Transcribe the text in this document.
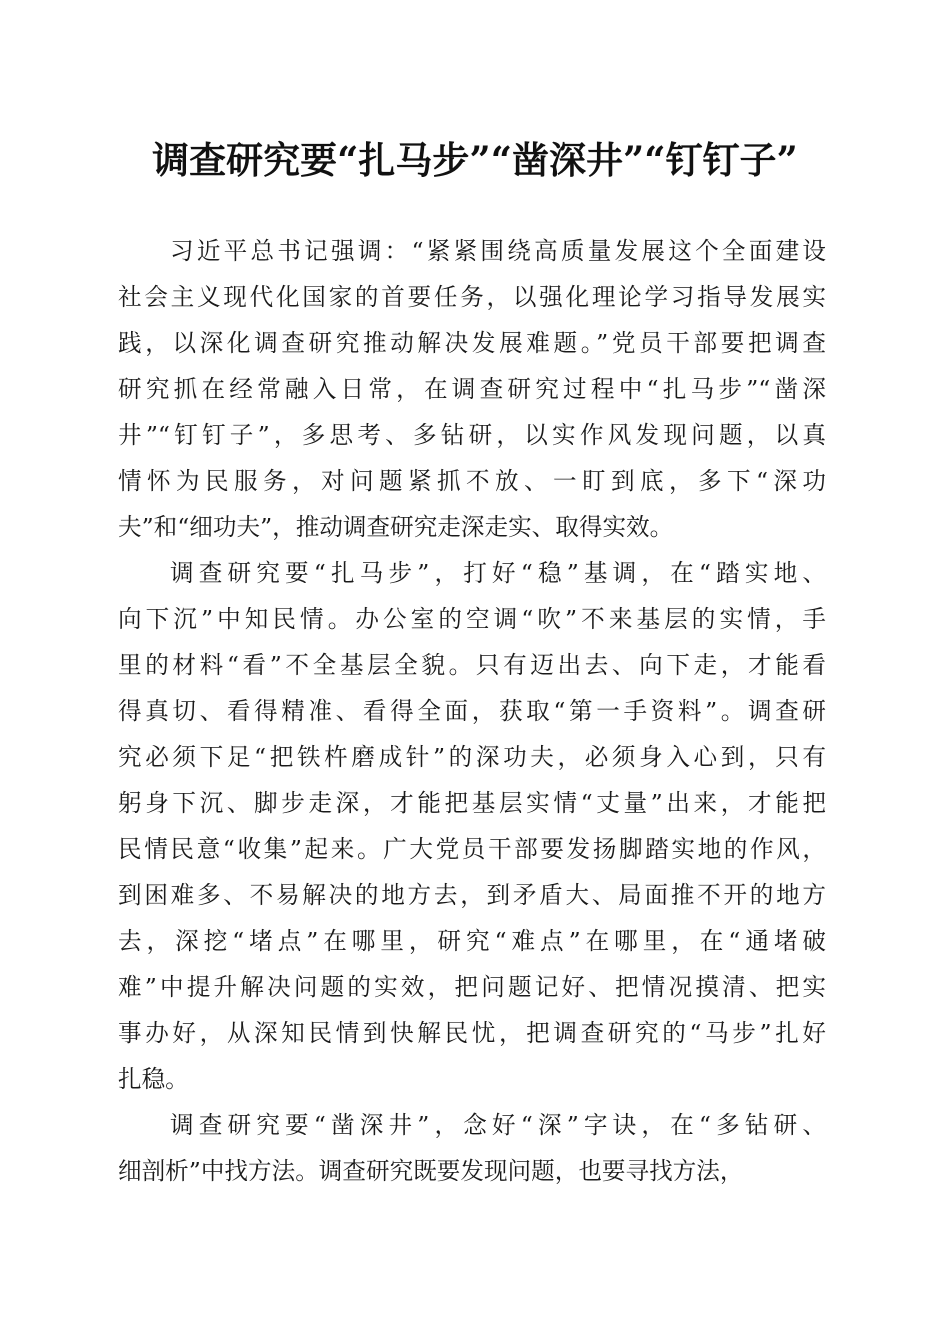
调查研究要“扎马步”“凿深井”“钉钉子”
习近平总书记强调：“紧紧围绕高质量发展这个全面建设
社会主义现代化国家的首要任务，以强化理论学习指导发展实
践，以深化调查研究推动解决发展难题。”党员干部要把调查
研究抓在经常融入日常，在调查研究过程中“扎马步”“凿深
井”“钉钉子”，多思考、多钻研，以实作风发现问题，以真
情怀为民服务，对问题紧抓不放、一盯到底，多下“深功
夫”和“细功夫”，推动调查研究走深走实、取得实效。
调查研究要“扎马步”，打好“稳”基调，在“踏实地、
向下沉”中知民情。办公室的空调“吹”不来基层的实情，手
里的材料“看”不全基层全貌。只有迈出去、向下走，才能看
得真切、看得精准、看得全面，获取“第一手资料”。调查研
究必须下足“把铁杵磨成针”的深功夫，必须身入心到，只有
躬身下沉、脚步走深，才能把基层实情“丈量”出来，才能把
民情民意“收集”起来。广大党员干部要发扬脚踏实地的作风，
到困难多、不易解决的地方去，到矛盾大、局面推不开的地方
去，深挖“堵点”在哪里，研究“难点”在哪里，在“通堵破
难”中提升解决问题的实效，把问题记好、把情况摸清、把实
事办好，从深知民情到快解民忧，把调查研究的“马步”扎好
扎稳。
调查研究要“凿深井”，念好“深”字诀，在“多钻研、
细剖析”中找方法。调查研究既要发现问题，也要寻找方法，
